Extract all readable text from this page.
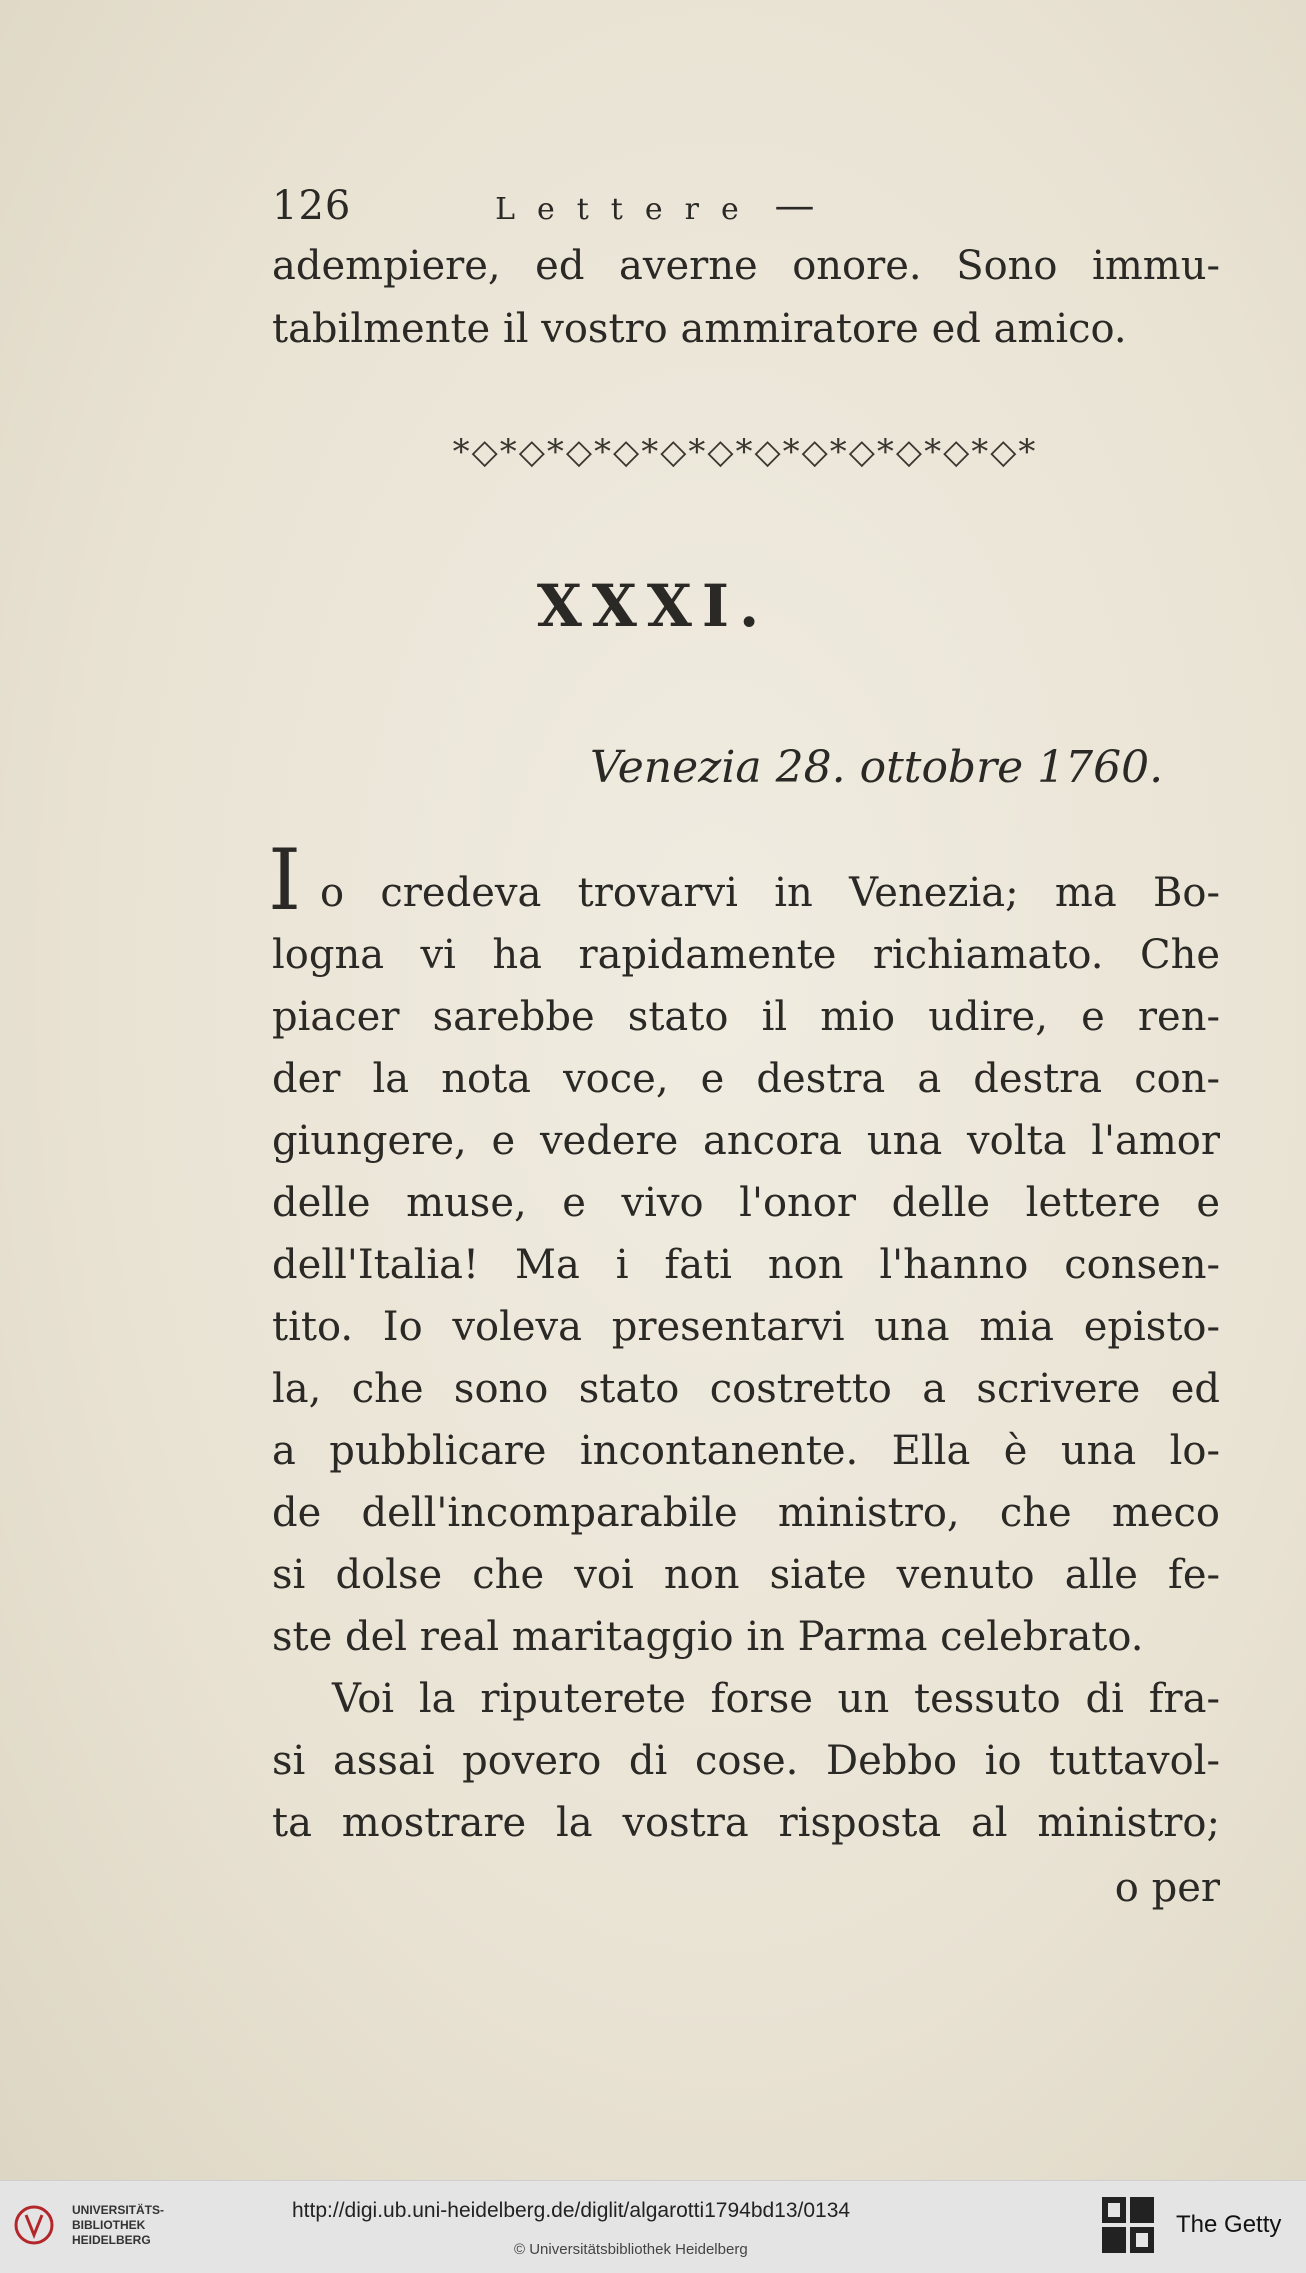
126	Lettere —
adempiere, ed averne onore. Sono immu-
tabilmente il vostro ammiratore ed amico.
*◇*◇*◇*◇*◇*◇*◇*◇*◇*◇*◇*◇*
XXXI.
Venezia 28. ottobre 1760.
I o credeva trovarvi in Venezia; ma Bo-
logna vi ha rapidamente richiamato. Che
piacer sarebbe stato il mio udire, e ren-
der la nota voce, e destra a destra con-
giungere, e vedere ancora una volta l'amor
delle muse, e vivo l'onor delle lettere e
dell'Italia! Ma i fati non l'hanno consen-
tito. Io voleva presentarvi una mia episto-
la, che sono stato costretto a scrivere ed
a pubblicare incontanente. Ella è una lo-
de dell'incomparabile ministro, che meco
si dolse che voi non siate venuto alle fe-
ste del real maritaggio in Parma celebrato.
Voi la riputerete forse un tessuto di fra-
si assai povero di cose. Debbo io tuttavol-
ta mostrare la vostra risposta al ministro;
o per
UNIVERSITÄTS-
BIBLIOTHEK
HEIDELBERG
http://digi.ub.uni-heidelberg.de/diglit/algarotti1794bd13/0134
© Universitätsbibliothek Heidelberg
The Getty
